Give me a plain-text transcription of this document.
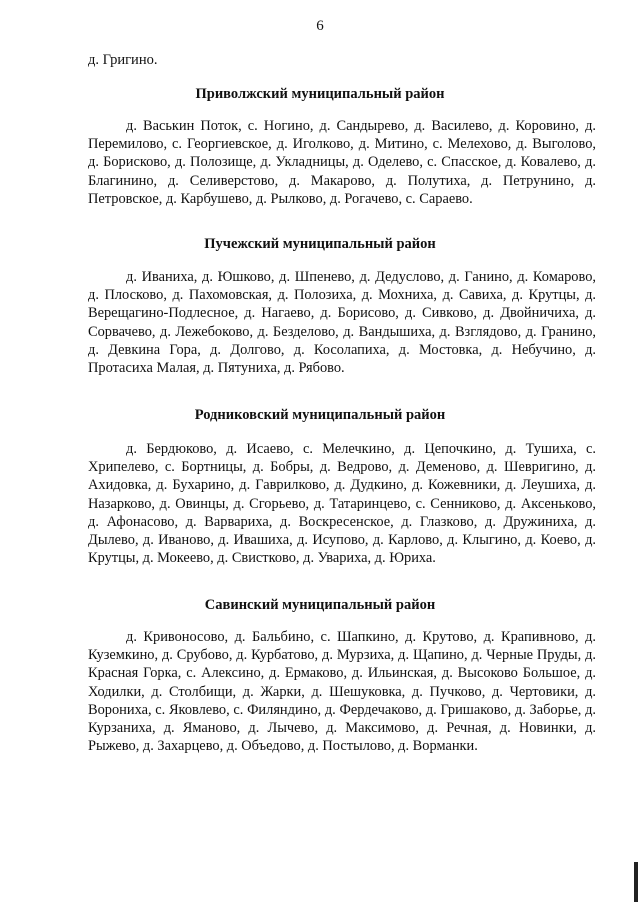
6
д. Григино.
Приволжский муниципальный район

д. Васькин Поток, с. Ногино, д. Сандырево, д. Василево, д. Коровино, д. Перемилово, с. Георгиевское, д. Иголково, д. Митино, с. Мелехово, д. Выголово, д. Борисково, д. Полозище, д. Укладницы, д. Оделево, с. Спасское, д. Ковалево, д. Благинино, д. Селиверстово, д. Макарово, д. Полутиха, д. Петрунино, д. Петровское, д. Карбушево, д. Рылково, д. Рогачево, с. Сараево.

Пучежский муниципальный район

д. Иваниха, д. Юшково, д. Шпенево, д. Дедуслово, д. Ганино, д. Комарово, д. Плосково, д. Пахомовская, д. Полозиха, д. Мохниха, д. Савиха, д. Крутцы, д. Верещагино-Подлесное, д. Нагаево, д. Борисово, д. Сивково, д. Двойничиха, д. Сорвачево, д. Лежебоково, д. Безделово, д. Вандышиха, д. Взглядово, д. Гранино, д. Девкина Гора, д. Долгово, д. Косолапиха, д. Мостовка, д. Небучино, д. Протасиха Малая, д. Пятуниха, д. Рябово.

Родниковский муниципальный район

д. Бердюково, д. Исаево, с. Мелечкино, д. Цепочкино, д. Тушиха, с. Хрипелево, с. Бортницы, д. Бобры, д. Ведрово, д. Деменово, д. Шевригино, д. Ахидовка, д. Бухарино, д. Гаврилково, д. Дудкино, д. Кожевники, д. Леушиха, д. Назарково, д. Овинцы, д. Сгорьево, д. Татаринцево, с. Сенниково, д. Аксеньково, д. Афонасово, д. Варвариха, д. Воскресенское, д. Глазково, д. Дружиниха, д. Дылево, д. Иваново, д. Ивашиха, д. Исупово, д. Карлово, д. Клыгино, д. Коево, д. Крутцы, д. Мокеево, д. Свистково, д. Увариха, д. Юриха.

Савинский муниципальный район

д. Кривоносово, д. Бальбино, с. Шапкино, д. Крутово, д. Крапивново, д. Куземкино, д. Срубово, д. Курбатово, д. Мурзиха, д. Щапино, д. Черные Пруды, д. Красная Горка, с. Алексино, д. Ермаково, д. Ильинская, д. Высоково Большое, д. Ходилки, д. Столбищи, д. Жарки, д. Шешуковка, д. Пучково, д. Чертовики, д. Ворониха, с. Яковлево, с. Филяндино, д. Фердечаково, д. Гришаково, д. Заборье, д. Курзаниха, д. Ямановo, д. Лычево, д. Максимово, д. Речная, д. Новинки, д. Рыжево, д. Захарцево, д. Объедово, д. Постылово, д. Ворманки.
